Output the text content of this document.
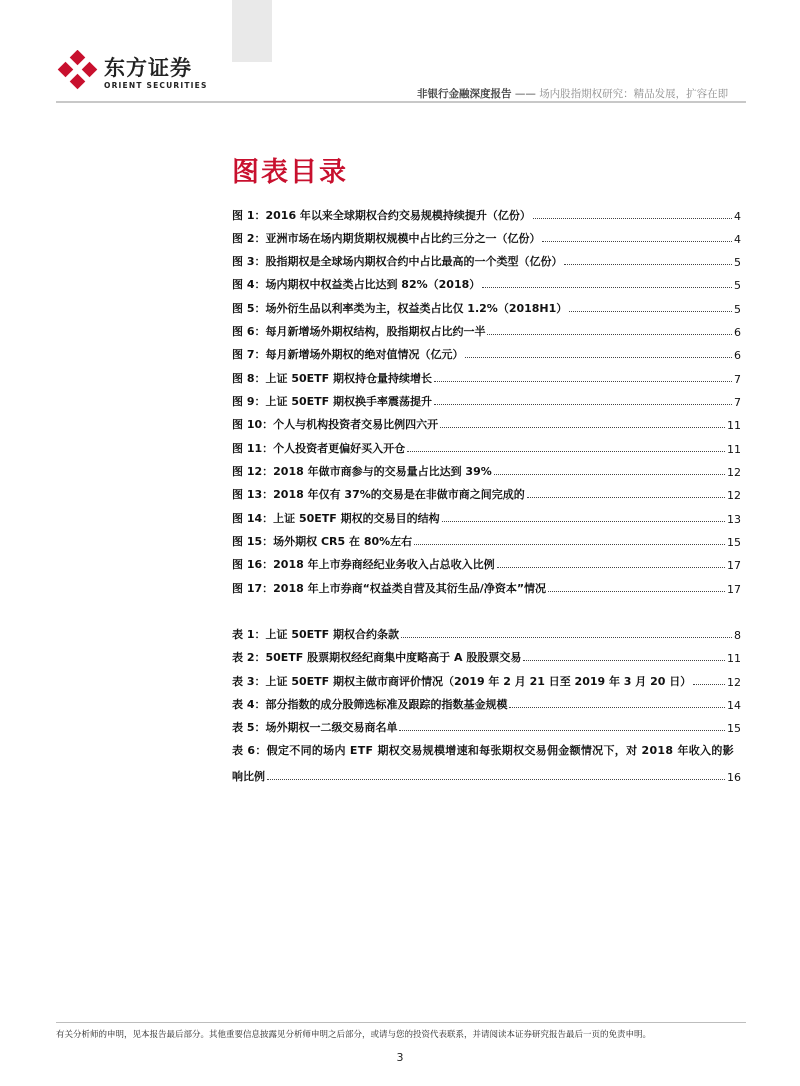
东方证券
ORIENT SECURITIES
非银行金融深度报告 —— 场内股指期权研究：精品发展，扩容在即
图表目录
图 1：2016 年以来全球期权合约交易规模持续提升（亿份）	4
图 2：亚洲市场在场内期货期权规模中占比约三分之一（亿份）	4
图 3：股指期权是全球场内期权合约中占比最高的一个类型（亿份）	5
图 4：场内期权中权益类占比达到 82%（2018）	5
图 5：场外衍生品以利率类为主，权益类占比仅 1.2%（2018H1）	5
图 6：每月新增场外期权结构，股指期权占比约一半	6
图 7：每月新增场外期权的绝对值情况（亿元）	6
图 8：上证 50ETF 期权持仓量持续增长	7
图 9：上证 50ETF 期权换手率震荡提升	7
图 10：个人与机构投资者交易比例四六开	11
图 11：个人投资者更偏好买入开仓	11
图 12：2018 年做市商参与的交易量占比达到 39%	12
图 13：2018 年仅有 37%的交易是在非做市商之间完成的	12
图 14：上证 50ETF 期权的交易目的结构	13
图 15：场外期权 CR5 在 80%左右	15
图 16：2018 年上市券商经纪业务收入占总收入比例	17
图 17：2018 年上市券商“权益类自营及其衍生品/净资本”情况	17
表 1：上证 50ETF 期权合约条款	8
表 2：50ETF 股票期权经纪商集中度略高于 A 股股票交易	11
表 3：上证 50ETF 期权主做市商评价情况（2019 年 2 月 21 日至 2019 年 3 月 20 日）	12
表 4：部分指数的成分股筛选标准及跟踪的指数基金规模	14
表 5：场外期权一二级交易商名单	15
表 6：假定不同的场内 ETF 期权交易规模增速和每张期权交易佣金额情况下，对 2018 年收入的影
响比例	16
有关分析师的申明，见本报告最后部分。其他重要信息披露见分析师申明之后部分，或请与您的投资代表联系，并请阅读本证券研究报告最后一页的免责申明。
3
